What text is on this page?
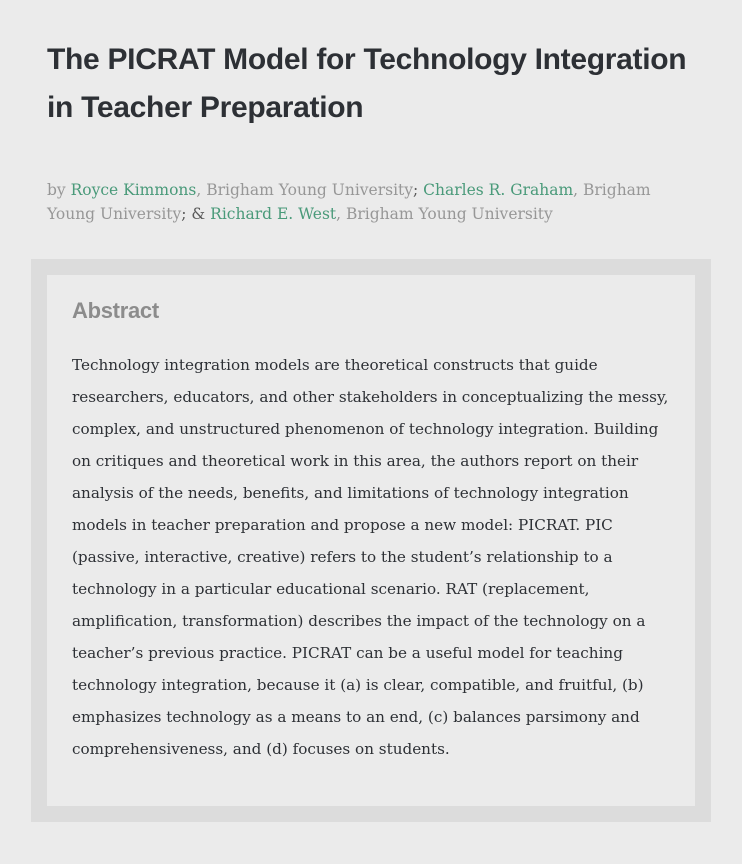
The PICRAT Model for Technology Integration in Teacher Preparation

by Royce Kimmons, Brigham Young University; Charles R. Graham, Brigham Young University; & Richard E. West, Brigham Young University

Abstract

Technology integration models are theoretical constructs that guide researchers, educators, and other stakeholders in conceptualizing the messy, complex, and unstructured phenomenon of technology integration. Building on critiques and theoretical work in this area, the authors report on their analysis of the needs, benefits, and limitations of technology integration models in teacher preparation and propose a new model: PICRAT. PIC (passive, interactive, creative) refers to the student’s relationship to a technology in a particular educational scenario. RAT (replacement, amplification, transformation) describes the impact of the technology on a teacher’s previous practice. PICRAT can be a useful model for teaching technology integration, because it (a) is clear, compatible, and fruitful, (b) emphasizes technology as a means to an end, (c) balances parsimony and comprehensiveness, and (d) focuses on students.
